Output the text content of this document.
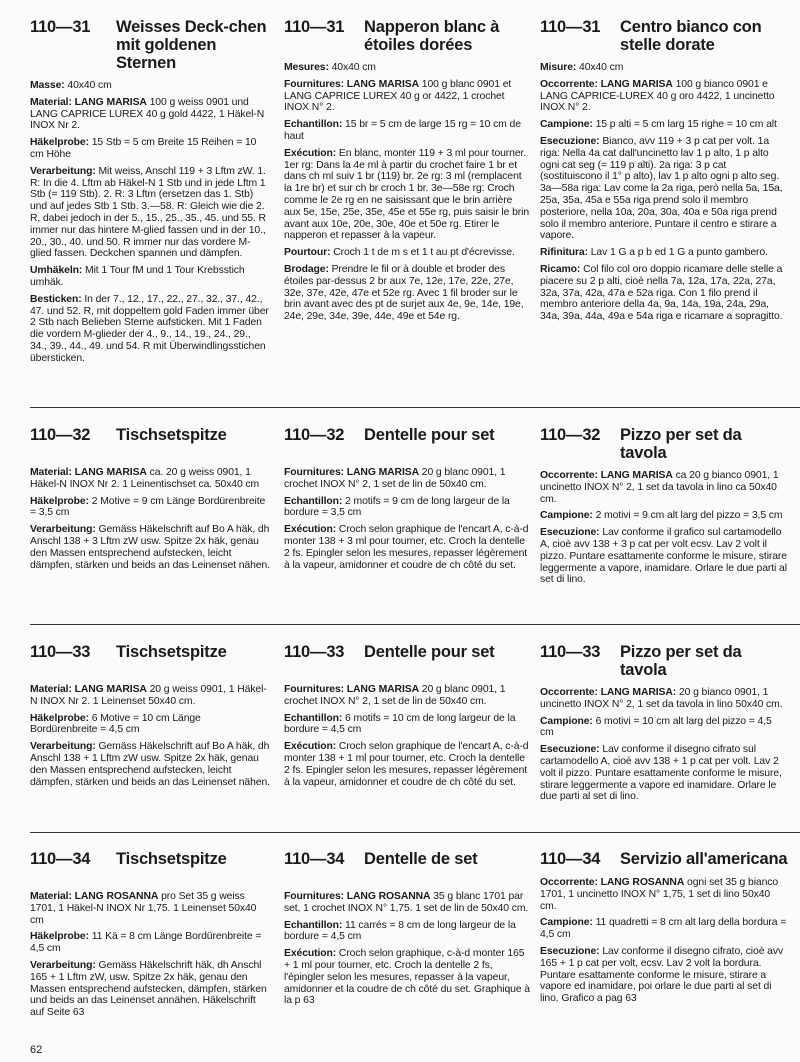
110—31	Weisses Deck-chen mit goldenen Sternen

Masse: 40x40 cm

Material: LANG MARISA 100 g weiss 0901 und LANG CAPRICE LUREX 40 g gold 4422, 1 Häkel-N INOX Nr 2.

Häkelprobe: 15 Stb = 5 cm Breite 15 Reihen = 10 cm Höhe

Verarbeitung: Mit weiss, Anschl 119 + 3 Lftm zW. 1. R: In die 4. Lftm ab Häkel-N 1 Stb und in jede Lftm 1 Stb (= 119 Stb). 2. R: 3 Lftm (ersetzen das 1. Stb) und auf jedes Stb 1 Stb. 3.—58. R: Gleich wie die 2. R, dabei jedoch in der 5., 15., 25., 35., 45. und 55. R immer nur das hintere M-glied fassen und in der 10., 20., 30., 40. und 50. R immer nur das vordere M-glied fassen. Deckchen spannen und dämpfen.

Umhäkeln: Mit 1 Tour fM und 1 Tour Krebsstich umhäk.

Besticken: In der 7., 12., 17., 22., 27., 32., 37., 42., 47. und 52. R, mit doppeltem gold Faden immer über 2 Stb nach Belieben Sterne aufsticken. Mit 1 Faden die vordern M-glieder der 4., 9., 14., 19., 24., 29., 34., 39., 44., 49. und 54. R mit Überwindlingsstichen übersticken.

110—31	Napperon blanc à étoiles dorées

Mesures: 40x40 cm

Fournitures: LANG MARISA 100 g blanc 0901 et LANG CAPRICE LUREX 40 g or 4422, 1 crochet INOX N° 2.

Echantillon: 15 br = 5 cm de large 15 rg = 10 cm de haut

Exécution: En blanc, monter 119 + 3 ml pour tourner. 1er rg: Dans la 4e ml à partir du crochet faire 1 br et dans ch ml suiv 1 br (119) br. 2e rg: 3 ml (remplacent la 1re br) et sur ch br croch 1 br. 3e—58e rg: Croch comme le 2e rg en ne saisissant que le brin arrière aux 5e, 15e, 25e, 35e, 45e et 55e rg, puis saisir le brin avant aux 10e, 20e, 30e, 40e et 50e rg. Etirer le napperon et repasser à la vapeur.

Pourtour: Croch 1 t de m s et 1 t au pt d'écrevisse.

Brodage: Prendre le fil or à double et broder des étoiles par-dessus 2 br aux 7e, 12e, 17e, 22e, 27e, 32e, 37e, 42e, 47e et 52e rg. Avec 1 fil broder sur le brin avant avec des pt de surjet aux 4e, 9e, 14e, 19e, 24e, 29e, 34e, 39e, 44e, 49e et 54e rg.

110—31	Centro bianco con stelle dorate

Misure: 40x40 cm

Occorrente: LANG MARISA 100 g bianco 0901 e LANG CAPRICE-LUREX 40 g oro 4422, 1 uncinetto INOX N° 2.

Campione: 15 p alti = 5 cm larg 15 righe = 10 cm alt

Esecuzione: Bianco, avv 119 + 3 p cat per volt. 1a riga: Nella 4a cat dall'uncinetto lav 1 p alto, 1 p alto ogni cat seg (= 119 p alti). 2a riga: 3 p cat (sostituiscono il 1° p alto), lav 1 p alto ogni p alto seg. 3a—58a riga: Lav come la 2a riga, però nella 5a, 15a, 25a, 35a, 45a e 55a riga prend solo il membro posteriore, nella 10a, 20a, 30a, 40a e 50a riga prend solo il membro anteriore. Puntare il centro e stirare a vapore.

Rifinitura: Lav 1 G a p b ed 1 G a punto gambero.

Ricamo: Col filo col oro doppio ricamare delle stelle a piacere su 2 p alti, cioè nella 7a, 12a, 17a, 22a, 27a, 32a, 37a, 42a, 47a e 52a riga. Con 1 filo prend il membro anteriore della 4a, 9a, 14a, 19a, 24a, 29a, 34a, 39a, 44a, 49a e 54a riga e ricamare a sopragitto.

110—32	Tischsetspitze

Material: LANG MARISA ca. 20 g weiss 0901, 1 Häkel-N INOX Nr 2. 1 Leinentischset ca. 50x40 cm

Häkelprobe: 2 Motive = 9 cm Länge Bordürenbreite = 3,5 cm

Verarbeitung: Gemäss Häkelschrift auf Bo A häk, dh Anschl 138 + 3 Lftm zW usw. Spitze 2x häk, genau den Massen entsprechend aufstecken, leicht dämpfen, stärken und beids an das Leinenset nähen.

110—32	Dentelle pour set

Fournitures: LANG MARISA 20 g blanc 0901, 1 crochet INOX N° 2, 1 set de lin de 50x40 cm.

Echantillon: 2 motifs = 9 cm de long largeur de la bordure = 3,5 cm

Exécution: Croch selon graphique de l'encart A, c-à-d monter 138 + 3 ml pour tourner, etc. Croch la dentelle 2 fs. Epingler selon les mesures, repasser légèrement à la vapeur, amidonner et coudre de ch côté du set.

110—32	Pizzo per set da tavola

Occorrente: LANG MARISA ca 20 g bianco 0901, 1 uncinetto INOX N° 2, 1 set da tavola in lino ca 50x40 cm.

Campione: 2 motivi = 9 cm alt larg del pizzo = 3,5 cm

Esecuzione: Lav conforme il grafico sul cartamodello A, cioè avv 138 + 3 p cat per volt ecsv. Lav 2 volt il pizzo. Puntare esattamente conforme le misure, stirare leggermente a vapore, inamidare. Orlare le due parti al set di lino.

110—33	Tischsetspitze

Material: LANG MARISA 20 g weiss 0901, 1 Häkel-N INOX Nr 2. 1 Leinenset 50x40 cm.

Häkelprobe: 6 Motive = 10 cm Länge Bordürenbreite = 4,5 cm

Verarbeitung: Gemäss Häkelschrift auf Bo A häk, dh Anschl 138 + 1 Lftm zW usw. Spitze 2x häk, genau den Massen entsprechend aufstecken, leicht dämpfen, stärken und beids an das Leinenset nähen.

110—33	Dentelle pour set

Fournitures: LANG MARISA 20 g blanc 0901, 1 crochet INOX N° 2, 1 set de lin de 50x40 cm.

Echantillon: 6 motifs = 10 cm de long largeur de la bordure = 4,5 cm

Exécution: Croch selon graphique de l'encart A, c-à-d monter 138 + 1 ml pour tourner, etc. Croch la dentelle 2 fs. Epingler selon les mesures, repasser légèrement à la vapeur, amidonner et coudre de ch côté du set.

110—33	Pizzo per set da tavola

Occorrente: LANG MARISA: 20 g bianco 0901, 1 uncinetto INOX N° 2, 1 set da tavola in lino 50x40 cm.

Campione: 6 motivi = 10 cm alt larg del pizzo = 4,5 cm

Esecuzione: Lav conforme il disegno cifrato sul cartamodello A, cioè avv 138 + 1 p cat per volt. Lav 2 volt il pizzo. Puntare esattamente conforme le misure, stirare leggermente a vapore ed inamidare. Orlare le due parti al set di lino.

110—34	Tischsetspitze

Material: LANG ROSANNA pro Set 35 g weiss 1701, 1 Häkel-N INOX Nr 1,75. 1 Leinenset 50x40 cm

Häkelprobe: 11 Kä = 8 cm Länge Bordürenbreite = 4,5 cm

Verarbeitung: Gemäss Häkelschrift häk, dh Anschl 165 + 1 Lftm zW, usw. Spitze 2x häk, genau den Massen entsprechend aufstecken, dämpfen, stärken und beids an das Leinenset annähen. Häkelschrift auf Seite 63

110—34	Dentelle de set

Fournitures: LANG ROSANNA 35 g blanc 1701 par set, 1 crochet INOX N° 1,75. 1 set de lin de 50x40 cm.

Echantillon: 11 carrés = 8 cm de long largeur de la bordure = 4,5 cm

Exécution: Croch selon graphique, c-à-d monter 165 + 1 ml pour tourner, etc. Croch la dentelle 2 fs, l'épingler selon les mesures, repasser à la vapeur, amidonner et la coudre de ch côté du set. Graphique à la p 63

110—34	Servizio all'americana

Occorrente: LANG ROSANNA ogni set 35 g bianco 1701, 1 uncinetto INOX N° 1,75, 1 set di lino 50x40 cm.

Campione: 11 quadretti = 8 cm alt larg della bordura = 4,5 cm

Esecuzione: Lav conforme il disegno cifrato, cioè avv 165 + 1 p cat per volt, ecsv. Lav 2 volt la bordura. Puntare esattamente conforme le misure, stirare a vapore ed inamidare, poi orlare le due parti al set di lino. Grafico a pag 63

62
